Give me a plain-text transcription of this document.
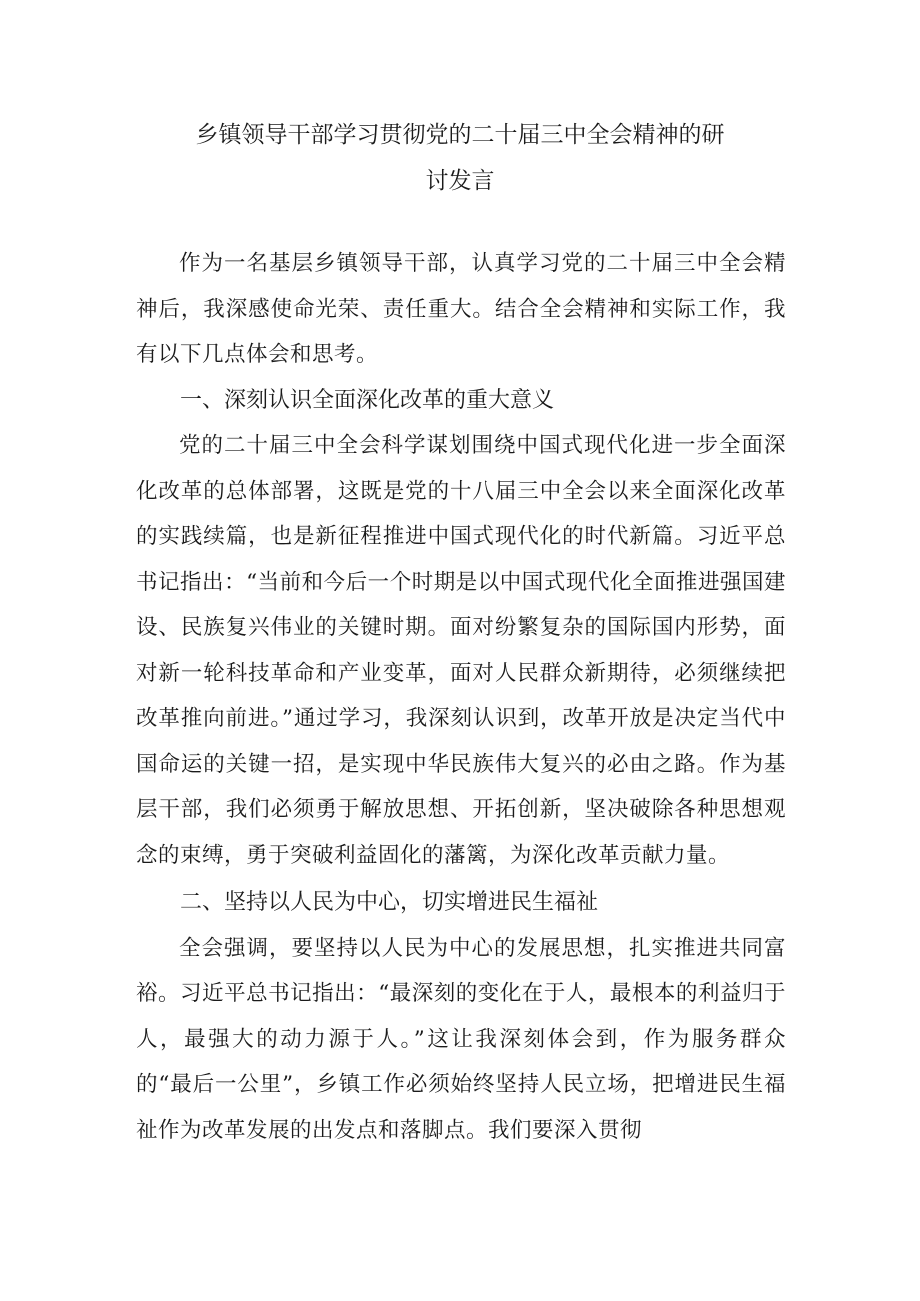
乡镇领导干部学习贯彻党的二十届三中全会精神的研
讨发言

作为一名基层乡镇领导干部，认真学习党的二十届三中全会精神后，我深感使命光荣、责任重大。结合全会精神和实际工作，我有以下几点体会和思考。

一、深刻认识全面深化改革的重大意义

党的二十届三中全会科学谋划围绕中国式现代化进一步全面深化改革的总体部署，这既是党的十八届三中全会以来全面深化改革的实践续篇，也是新征程推进中国式现代化的时代新篇。习近平总书记指出：“当前和今后一个时期是以中国式现代化全面推进强国建设、民族复兴伟业的关键时期。面对纷繁复杂的国际国内形势，面对新一轮科技革命和产业变革，面对人民群众新期待，必须继续把改革推向前进。”通过学习，我深刻认识到，改革开放是决定当代中国命运的关键一招，是实现中华民族伟大复兴的必由之路。作为基层干部，我们必须勇于解放思想、开拓创新，坚决破除各种思想观念的束缚，勇于突破利益固化的藩篱，为深化改革贡献力量。

二、坚持以人民为中心，切实增进民生福祉

全会强调，要坚持以人民为中心的发展思想，扎实推进共同富裕。习近平总书记指出：“最深刻的变化在于人，最根本的利益归于人，最强大的动力源于人。”这让我深刻体会到，作为服务群众的“最后一公里”，乡镇工作必须始终坚持人民立场，把增进民生福祉作为改革发展的出发点和落脚点。我们要深入贯彻
